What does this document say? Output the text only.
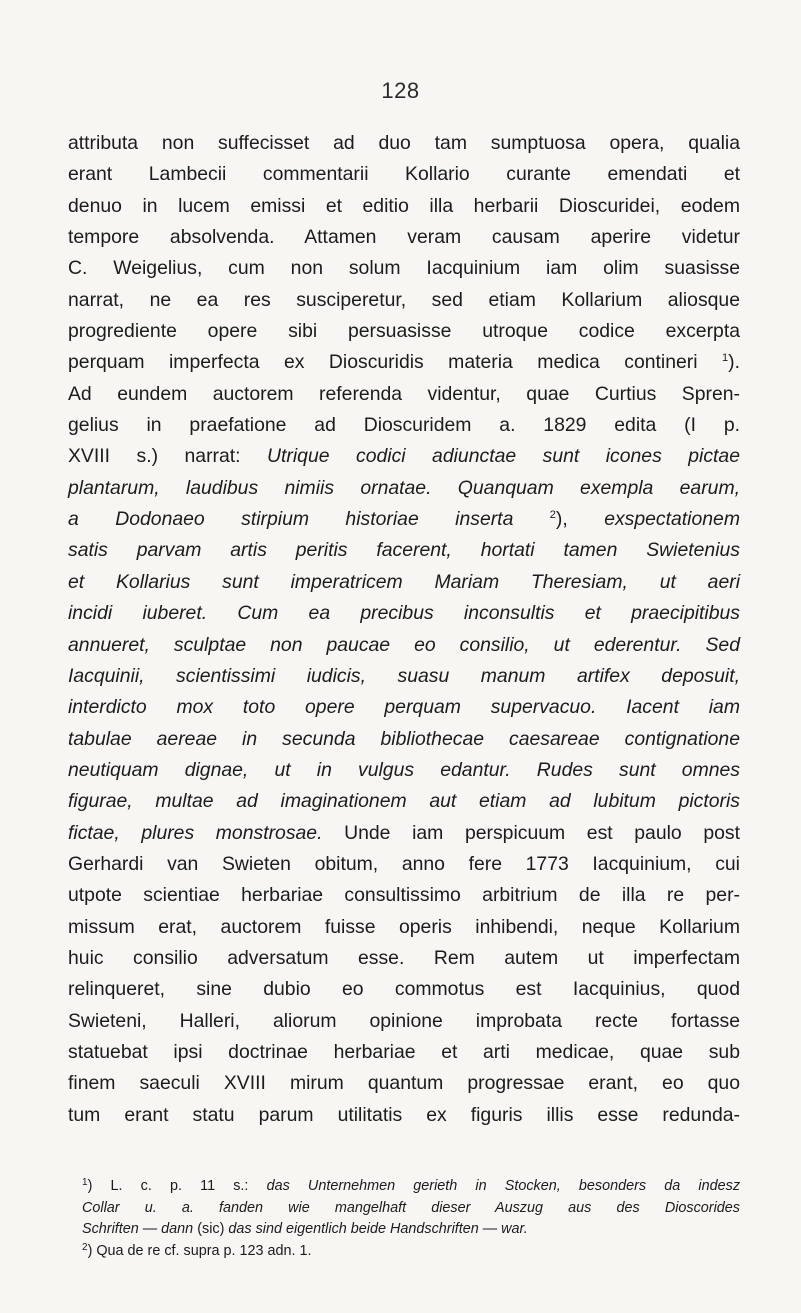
128
attributa non suffecisset ad duo tam sumptuosa opera, qualia
erant Lambecii commentarii Kollario curante emendati et
denuo in lucem emissi et editio illa herbarii Dioscuridei, eodem
tempore absolvenda. Attamen veram causam aperire videtur
C. Weigelius, cum non solum Iacquinium iam olim suasisse
narrat, ne ea res susciperetur, sed etiam Kollarium aliosque
progrediente opere sibi persuasisse utroque codice excerpta
perquam imperfecta ex Dioscuridis materia medica contineri $^1$).
Ad eundem auctorem referenda videntur, quae Curtius Spren-
gelius in praefatione ad Dioscuridem a. 1829 edita (I p.
XVIII s.) narrat: Utrique codici adiunctae sunt icones pictae
plantarum, laudibus nimiis ornatae. Quanquam exempla earum,
a Dodonaeo stirpium historiae inserta $^2$), exspectationem
satis parvam artis peritis facerent, hortati tamen Swietenius
et Kollarius sunt imperatricem Mariam Theresiam, ut aeri
incidi iuberet. Cum ea precibus inconsultis et praecipitibus
annueret, sculptae non paucae eo consilio, ut ederentur. Sed
Iacquinii, scientissimi iudicis, suasu manum artifex deposuit,
interdicto mox toto opere perquam supervacuo. Iacent iam
tabulae aereae in secunda bibliothecae caesareae contignatione
neutiquam dignae, ut in vulgus edantur. Rudes sunt omnes
figurae, multae ad imaginationem aut etiam ad lubitum pictoris
fictae, plures monstrosae. Unde iam perspicuum est paulo post
Gerhardi van Swieten obitum, anno fere 1773 Iacquinium, cui
utpote scientiae herbariae consultissimo arbitrium de illa re per-
missum erat, auctorem fuisse operis inhibendi, neque Kollarium
huic consilio adversatum esse. Rem autem ut imperfectam
relinqueret, sine dubio eo commotus est Iacquinius, quod
Swieteni, Halleri, aliorum opinione improbata recte fortasse
statuebat ipsi doctrinae herbariae et arti medicae, quae sub
finem saeculi XVIII mirum quantum progressae erant, eo quo
tum erant statu parum utilitatis ex figuris illis esse redunda-
$^1$) L. c. p. 11 s.: das Unternehmen gerieth in Stocken, besonders da indesz
Collar u. a. fanden wie mangelhaft dieser Auszug aus des Dioscorides
Schriften — dann (sic) das sind eigentlich beide Handschriften — war.
$^2$) Qua de re cf. supra p. 123 adn. 1.
